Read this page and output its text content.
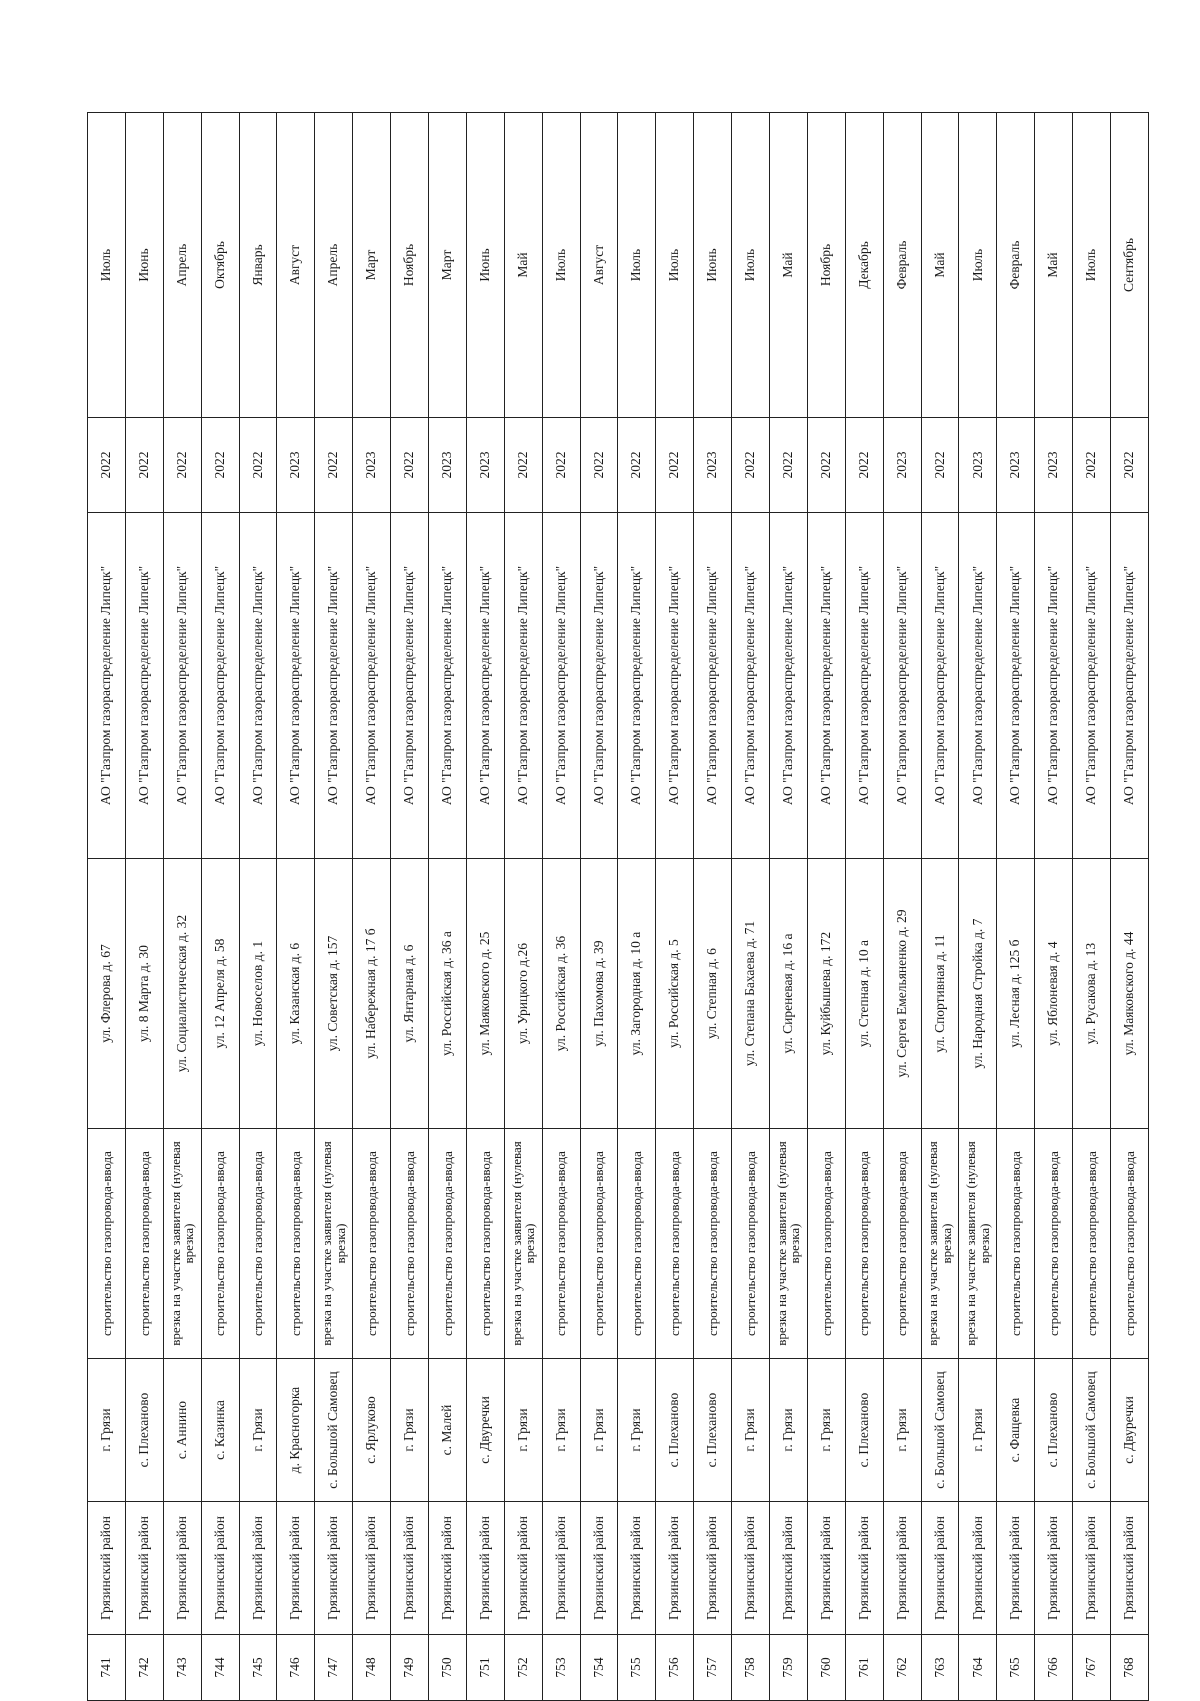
741	Грязинский район	г. Грязи	строительство газопровода-ввода	ул. Флерова д. 67	АО "Газпром газораспределение Липецк"	2022	Июль
742	Грязинский район	с. Плеханово	строительство газопровода-ввода	ул. 8 Марта д. 30	АО "Газпром газораспределение Липецк"	2022	Июнь
743	Грязинский район	с. Аннино	врезка на участке заявителя (нулевая врезка)	ул. Социалистическая д. 32	АО "Газпром газораспределение Липецк"	2022	Апрель
744	Грязинский район	с. Казинка	строительство газопровода-ввода	ул. 12 Апреля д. 58	АО "Газпром газораспределение Липецк"	2022	Октябрь
745	Грязинский район	г. Грязи	строительство газопровода-ввода	ул. Новоселов д. 1	АО "Газпром газораспределение Липецк"	2022	Январь
746	Грязинский район	д. Красногорка	строительство газопровода-ввода	ул. Казанская д. 6	АО "Газпром газораспределение Липецк"	2023	Август
747	Грязинский район	с. Большой Самовец	врезка на участке заявителя (нулевая врезка)	ул. Советская д. 157	АО "Газпром газораспределение Липецк"	2022	Апрель
748	Грязинский район	с. Ярлуково	строительство газопровода-ввода	ул. Набережная д. 17 б	АО "Газпром газораспределение Липецк"	2023	Март
749	Грязинский район	г. Грязи	строительство газопровода-ввода	ул. Янтарная д. 6	АО "Газпром газораспределение Липецк"	2022	Ноябрь
750	Грязинский район	с. Малей	строительство газопровода-ввода	ул. Российская д. 36 а	АО "Газпром газораспределение Липецк"	2023	Март
751	Грязинский район	с. Двуречки	строительство газопровода-ввода	ул. Маяковского д. 25	АО "Газпром газораспределение Липецк"	2023	Июнь
752	Грязинский район	г. Грязи	врезка на участке заявителя (нулевая врезка)	ул. Урицкого д.26	АО "Газпром газораспределение Липецк"	2022	Май
753	Грязинский район	г. Грязи	строительство газопровода-ввода	ул. Российская д. 36	АО "Газпром газораспределение Липецк"	2022	Июль
754	Грязинский район	г. Грязи	строительство газопровода-ввода	ул. Пахомова д. 39	АО "Газпром газораспределение Липецк"	2022	Август
755	Грязинский район	г. Грязи	строительство газопровода-ввода	ул. Загородная д. 10 а	АО "Газпром газораспределение Липецк"	2022	Июль
756	Грязинский район	с. Плеханово	строительство газопровода-ввода	ул. Российская д. 5	АО "Газпром газораспределение Липецк"	2022	Июль
757	Грязинский район	с. Плеханово	строительство газопровода-ввода	ул. Степная д. 6	АО "Газпром газораспределение Липецк"	2023	Июнь
758	Грязинский район	г. Грязи	строительство газопровода-ввода	ул. Степана Бахаева д. 71	АО "Газпром газораспределение Липецк"	2022	Июль
759	Грязинский район	г. Грязи	врезка на участке заявителя (нулевая врезка)	ул. Сиреневая д. 16 а	АО "Газпром газораспределение Липецк"	2022	Май
760	Грязинский район	г. Грязи	строительство газопровода-ввода	ул. Куйбышева д. 172	АО "Газпром газораспределение Липецк"	2022	Ноябрь
761	Грязинский район	с. Плеханово	строительство газопровода-ввода	ул. Степная д. 10 а	АО "Газпром газораспределение Липецк"	2022	Декабрь
762	Грязинский район	г. Грязи	строительство газопровода-ввода	ул. Сергея Емельяненко д. 29	АО "Газпром газораспределение Липецк"	2023	Февраль
763	Грязинский район	с. Большой Самовец	врезка на участке заявителя (нулевая врезка)	ул. Спортивная д. 11	АО "Газпром газораспределение Липецк"	2022	Май
764	Грязинский район	г. Грязи	врезка на участке заявителя (нулевая врезка)	ул. Народная Стройка д. 7	АО "Газпром газораспределение Липецк"	2023	Июль
765	Грязинский район	с. Фащевка	строительство газопровода-ввода	ул. Лесная д. 125 б	АО "Газпром газораспределение Липецк"	2023	Февраль
766	Грязинский район	с. Плеханово	строительство газопровода-ввода	ул. Яблоневая д. 4	АО "Газпром газораспределение Липецк"	2023	Май
767	Грязинский район	с. Большой Самовец	строительство газопровода-ввода	ул. Русакова д. 13	АО "Газпром газораспределение Липецк"	2022	Июль
768	Грязинский район	с. Двуречки	строительство газопровода-ввода	ул. Маяковского д. 44	АО "Газпром газораспределение Липецк"	2022	Сентябрь
